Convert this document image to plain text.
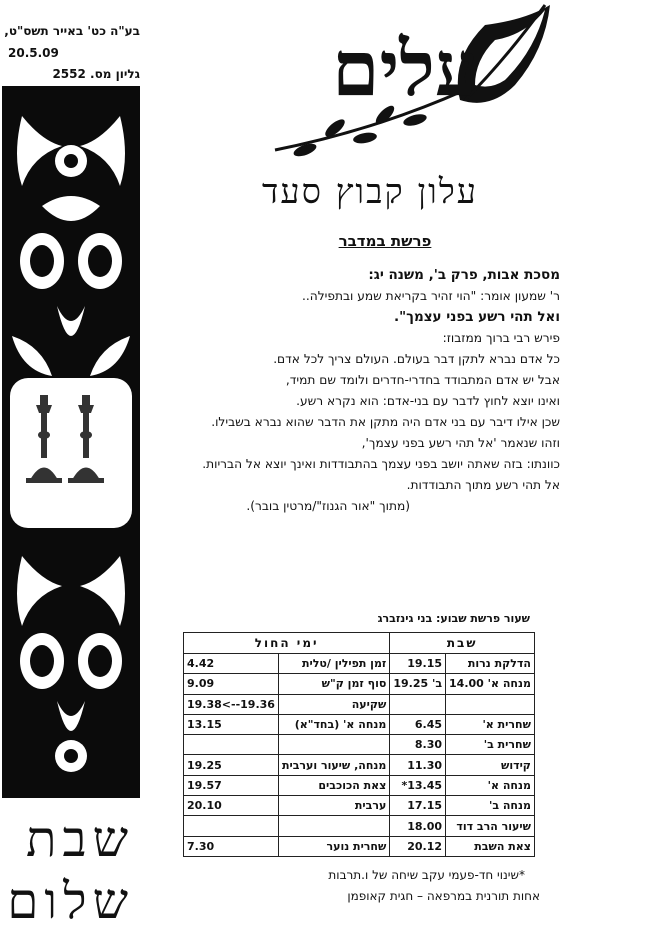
בע"ה כט' באייר תשס"ט,
20.5.09
גליון מס. 2552
שבת
שלום
עלים
עלון קבוץ סעד
פרשת במדבר
מסכת אבות, פרק ב', משנה יג:
ר' שמעון אומר: "הוי זהיר בקריאת שמע ובתפילה..
ואל תהי רשע בפני עצמך".
פירש רבי ברוך ממזבוז:
כל אדם נברא לתקן דבר בעולם. העולם צריך לכל אדם.
אבל יש אדם המתבודד בחדרי-חדרים ולומד שם תמיד,
ואינו יוצא לחוץ לדבר עם בני-אדם: הוא נקרא רשע.
שכן אילו דיבר עם בני אדם היה מתקן את הדבר שהוא נברא בשבילו.
וזהו שנאמר 'אל תהי רשע בפני עצמך',
כוונתו: בזה שאתה יושב בפני עצמך בהתבודדות ואינך יוצא אל הבריות.
אל תהי רשע מתוך התבודדות.
(מתוך "אור הגנוז"/מרטין בובר).
שעור פרשת שבוע: בני גינזברג
שבת		ימי החול	
הדלקת נרות	19.15	זמן תפילין /טלית	4.42
מנחה א' 14.00	ב' 19.25	סוף זמן ק"ש	9.09
		שקיעה	19.38<--19.36
שחרית א'	6.45	מנחה א' (בחד"א)	13.15
שחרית ב'	8.30		
קידוש	11.30	מנחה, שיעור וערבית	19.25
מנחה א'	13.45*	צאת הכוכבים	19.57
מנחה ב'	17.15	ערבית	20.10
שיעור הרב דוד	18.00		
צאת השבת	20.12	שחרית נוער	7.30
*שינוי חד-פעמי עקב שיחה של ו.תרבות
אחות תורנית במרפאה – חגית קאופמן
